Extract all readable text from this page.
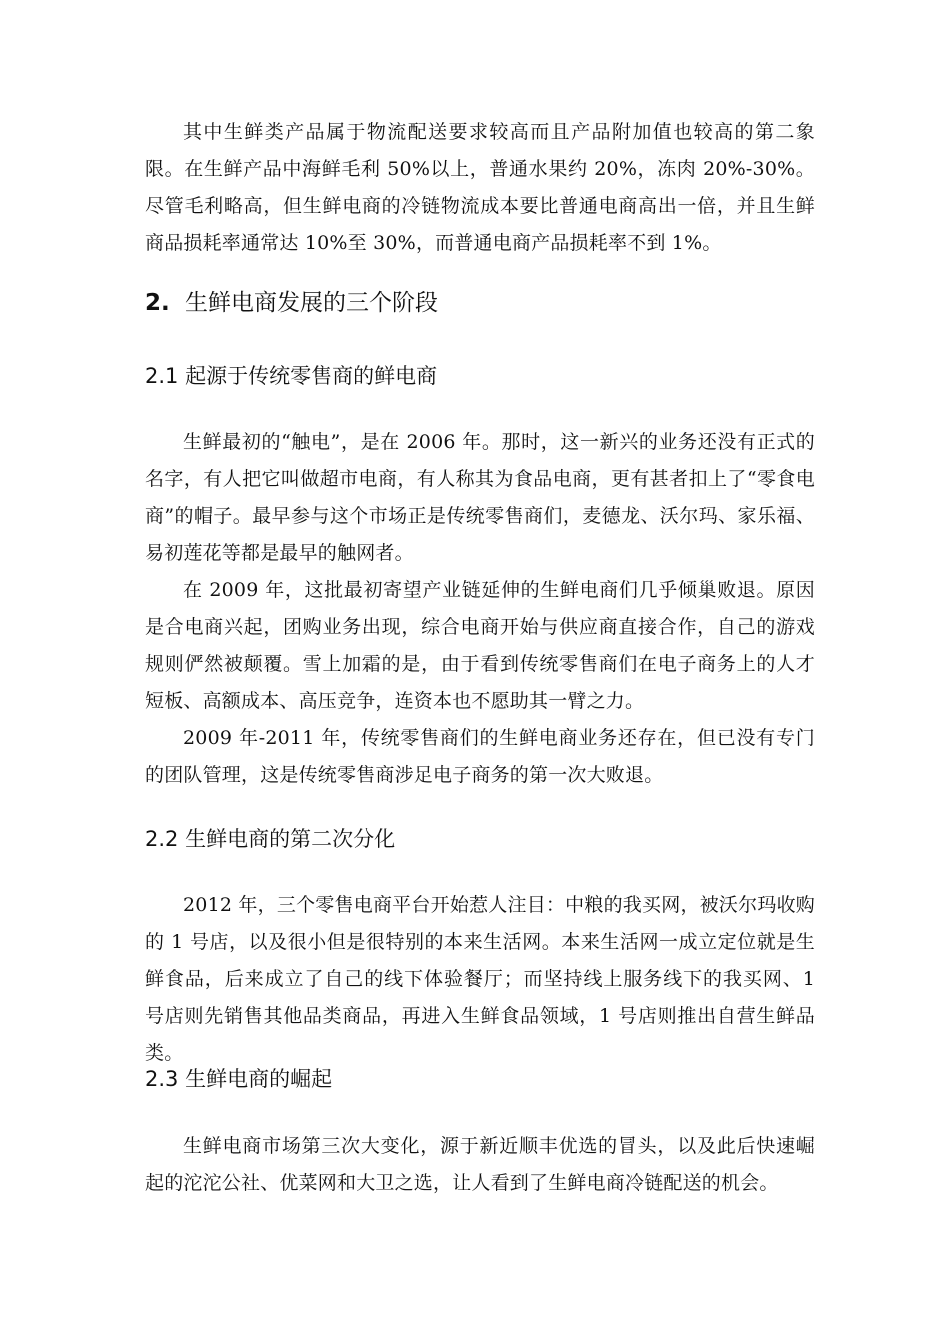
其中生鲜类产品属于物流配送要求较高而且产品附加值也较高的第二象限。在生鲜产品中海鲜毛利 50%以上，普通水果约 20%，冻肉 20%-30%。尽管毛利略高，但生鲜电商的冷链物流成本要比普通电商高出一倍，并且生鲜商品损耗率通常达 10%至 30%，而普通电商产品损耗率不到 1%。

2. 生鲜电商发展的三个阶段

2.1 起源于传统零售商的鲜电商

生鲜最初的“触电”，是在 2006 年。那时，这一新兴的业务还没有正式的名字，有人把它叫做超市电商，有人称其为食品电商，更有甚者扣上了“零食电商”的帽子。最早参与这个市场正是传统零售商们，麦德龙、沃尔玛、家乐福、易初莲花等都是最早的触网者。

在 2009 年，这批最初寄望产业链延伸的生鲜电商们几乎倾巢败退。原因是合电商兴起，团购业务出现，综合电商开始与供应商直接合作，自己的游戏规则俨然被颠覆。雪上加霜的是，由于看到传统零售商们在电子商务上的人才短板、高额成本、高压竞争，连资本也不愿助其一臂之力。

2009 年-2011 年，传统零售商们的生鲜电商业务还存在，但已没有专门的团队管理，这是传统零售商涉足电子商务的第一次大败退。

2.2 生鲜电商的第二次分化

2012 年，三个零售电商平台开始惹人注目：中粮的我买网，被沃尔玛收购的 1 号店，以及很小但是很特别的本来生活网。本来生活网一成立定位就是生鲜食品，后来成立了自己的线下体验餐厅；而坚持线上服务线下的我买网、1 号店则先销售其他品类商品，再进入生鲜食品领域，1 号店则推出自营生鲜品类。

2.3 生鲜电商的崛起

生鲜电商市场第三次大变化，源于新近顺丰优选的冒头，以及此后快速崛起的沱沱公社、优菜网和大卫之选，让人看到了生鲜电商冷链配送的机会。
